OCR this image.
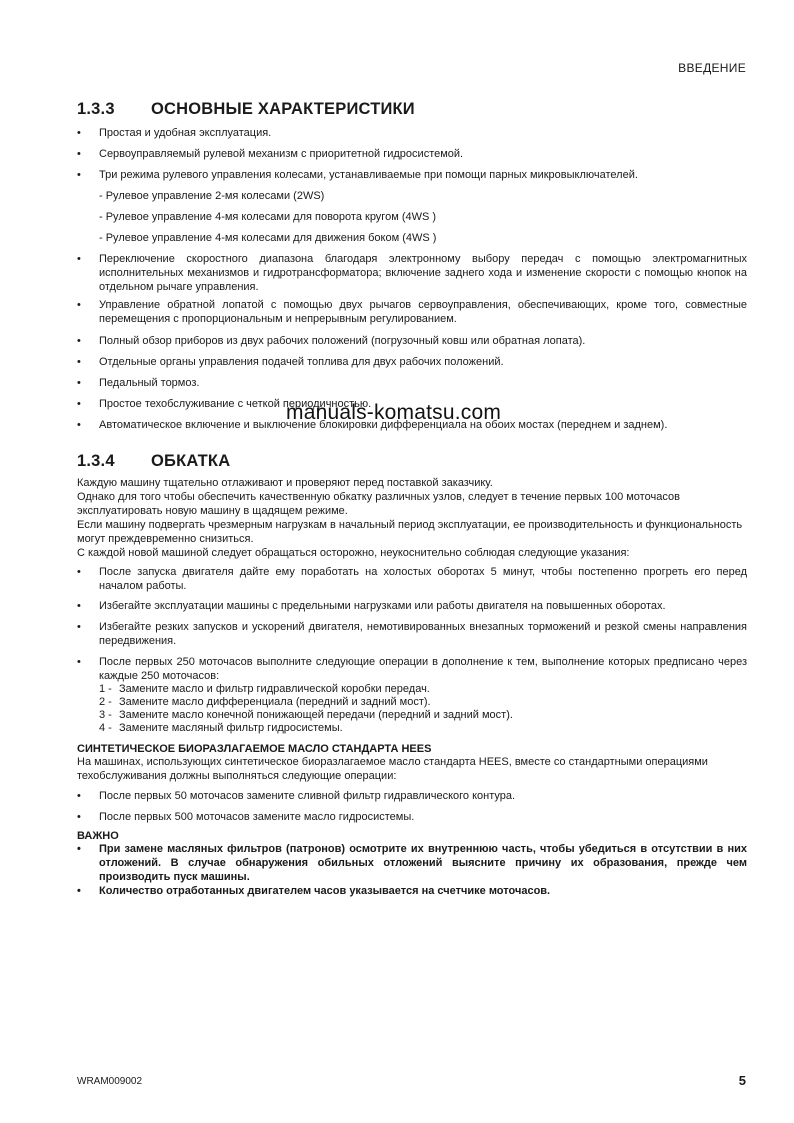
ВВЕДЕНИЕ
1.3.3 ОСНОВНЫЕ ХАРАКТЕРИСТИКИ
• Простая и удобная эксплуатация.
• Сервоуправляемый рулевой механизм с приоритетной гидросистемой.
• Три режима рулевого управления колесами, устанавливаемые при помощи парных микровыключателей.
- Рулевое управление 2-мя колесами (2WS)
- Рулевое управление 4-мя колесами для поворота кругом (4WS )
- Рулевое управление 4-мя колесами для движения боком (4WS )
• Переключение скоростного диапазона благодаря электронному выбору передач с помощью электромагнитных исполнительных механизмов и гидротрансформатора; включение заднего хода и изменение скорости с помощью кнопок на отдельном рычаге управления.
• Управление обратной лопатой с помощью двух рычагов сервоуправления, обеспечивающих, кроме того, совместные перемещения с пропорциональным и непрерывным регулированием.
• Полный обзор приборов из двух рабочих положений (погрузочный ковш или обратная лопата).
• Отдельные органы управления подачей топлива для двух рабочих положений.
• Педальный тормоз.
• Простое техобслуживание с четкой периодичностью.
• Автоматическое включение и выключение блокировки дифференциала на обоих мостах (переднем и заднем).
manuals-komatsu.com
1.3.4 ОБКАТКА
Каждую машину тщательно отлаживают и проверяют перед поставкой заказчику.
Однако для того чтобы обеспечить качественную обкатку различных узлов, следует в течение первых 100 моточасов эксплуатировать новую машину в щадящем режиме.
Если машину подвергать чрезмерным нагрузкам в начальный период эксплуатации, ее производительность и функциональность могут преждевременно снизиться.
С каждой новой машиной следует обращаться осторожно, неукоснительно соблюдая следующие указания:
• После запуска двигателя дайте ему поработать на холостых оборотах 5 минут, чтобы постепенно прогреть его перед началом работы.
• Избегайте эксплуатации машины с предельными нагрузками или работы двигателя на повышенных оборотах.
• Избегайте резких запусков и ускорений двигателя, немотивированных внезапных торможений и резкой смены направления передвижения.
• После первых 250 моточасов выполните следующие операции в дополнение к тем, выполнение которых предписано через каждые 250 моточасов:
1 - Замените масло и фильтр гидравлической коробки передач.
2 - Замените масло дифференциала (передний и задний мост).
3 - Замените масло конечной понижающей передачи (передний и задний мост).
4 - Замените масляный фильтр гидросистемы.
СИНТЕТИЧЕСКОЕ БИОРАЗЛАГАЕМОЕ МАСЛО СТАНДАРТА HEES
На машинах, использующих синтетическое биоразлагаемое масло стандарта HEES, вместе со стандартными операциями техобслуживания должны выполняться следующие операции:
• После первых 50 моточасов замените сливной фильтр гидравлического контура.
• После первых 500 моточасов замените масло гидросистемы.
ВАЖНО
• При замене масляных фильтров (патронов) осмотрите их внутреннюю часть, чтобы убедиться в отсутствии в них отложений. В случае обнаружения обильных отложений выясните причину их образования, прежде чем производить пуск машины.
• Количество отработанных двигателем часов указывается на счетчике моточасов.
WRAM009002	5
